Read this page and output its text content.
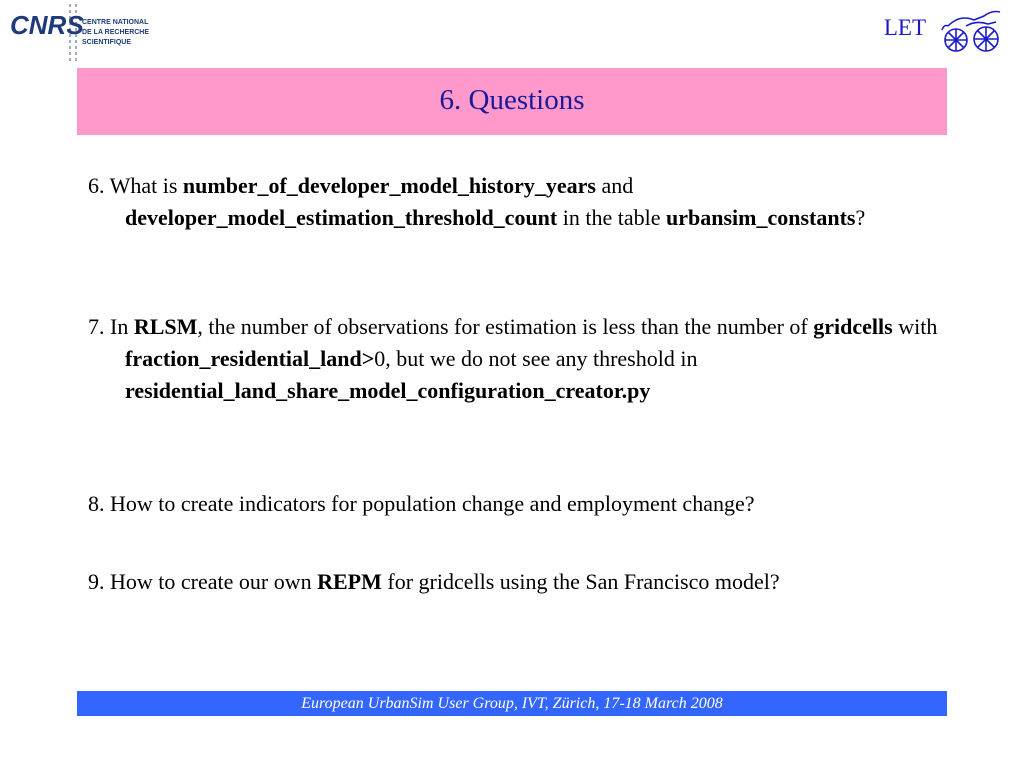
CNRS
CENTRE NATIONAL
DE LA RECHERCHE
SCIENTIFIQUE
LET
6. Questions

6. What is number_of_developer_model_history_years and developer_model_estimation_threshold_count in the table urbansim_constants?

7. In RLSM, the number of observations for estimation is less than the number of gridcells with fraction_residential_land>0, but we do not see any threshold in residential_land_share_model_configuration_creator.py

8. How to create indicators for population change and employment change?

9. How to create our own REPM for gridcells using the San Francisco model?

European UrbanSim User Group, IVT, Zürich, 17-18 March 2008
